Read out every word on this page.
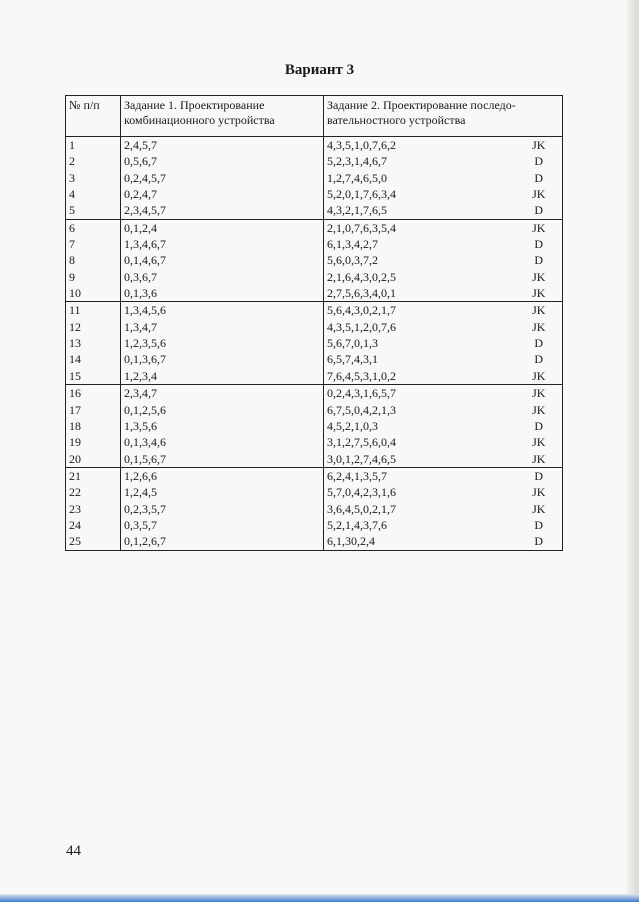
Вариант 3
№ п/п	Задание 1. Проектирование комбинационного устройства	Задание 2. Проектирование последо-вательностного устройства	
1	2,4,5,7	4,3,5,1,0,7,6,2	JK
2	0,5,6,7	5,2,3,1,4,6,7	D
3	0,2,4,5,7	1,2,7,4,6,5,0	D
4	0,2,4,7	5,2,0,1,7,6,3,4	JK
5	2,3,4,5,7	4,3,2,1,7,6,5	D
6	0,1,2,4	2,1,0,7,6,3,5,4	JK
7	1,3,4,6,7	6,1,3,4,2,7	D
8	0,1,4,6,7	5,6,0,3,7,2	D
9	0,3,6,7	2,1,6,4,3,0,2,5	JK
10	0,1,3,6	2,7,5,6,3,4,0,1	JK
11	1,3,4,5,6	5,6,4,3,0,2,1,7	JK
12	1,3,4,7	4,3,5,1,2,0,7,6	JK
13	1,2,3,5,6	5,6,7,0,1,3	D
14	0,1,3,6,7	6,5,7,4,3,1	D
15	1,2,3,4	7,6,4,5,3,1,0,2	JK
16	2,3,4,7	0,2,4,3,1,6,5,7	JK
17	0,1,2,5,6	6,7,5,0,4,2,1,3	JK
18	1,3,5,6	4,5,2,1,0,3	D
19	0,1,3,4,6	3,1,2,7,5,6,0,4	JK
20	0,1,5,6,7	3,0,1,2,7,4,6,5	JK
21	1,2,6,6	6,2,4,1,3,5,7	D
22	1,2,4,5	5,7,0,4,2,3,1,6	JK
23	0,2,3,5,7	3,6,4,5,0,2,1,7	JK
24	0,3,5,7	5,2,1,4,3,7,6	D
25	0,1,2,6,7	6,1,30,2,4	D
44
